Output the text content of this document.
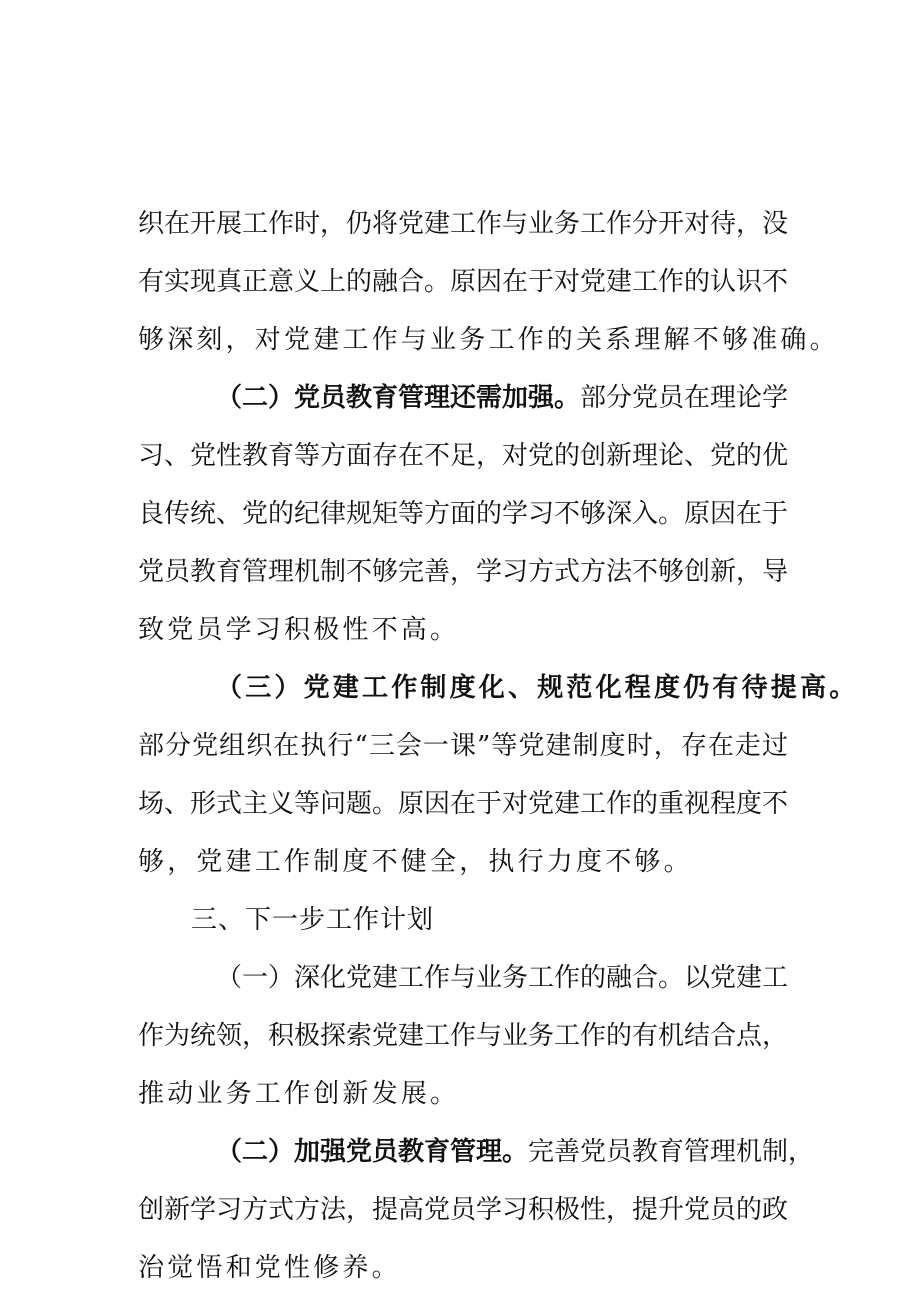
织在开展工作时，仍将党建工作与业务工作分开对待，没
有实现真正意义上的融合。原因在于对党建工作的认识不
够深刻，对党建工作与业务工作的关系理解不够准确。
（二）党员教育管理还需加强。部分党员在理论学
习、党性教育等方面存在不足，对党的创新理论、党的优
良传统、党的纪律规矩等方面的学习不够深入。原因在于
党员教育管理机制不够完善，学习方式方法不够创新，导
致党员学习积极性不高。
（三）党建工作制度化、规范化程度仍有待提高。
部分党组织在执行“三会一课”等党建制度时，存在走过
场、形式主义等问题。原因在于对党建工作的重视程度不
够，党建工作制度不健全，执行力度不够。
三、下一步工作计划
（一）深化党建工作与业务工作的融合。以党建工
作为统领，积极探索党建工作与业务工作的有机结合点，
推动业务工作创新发展。
（二）加强党员教育管理。完善党员教育管理机制，
创新学习方式方法，提高党员学习积极性，提升党员的政
治觉悟和党性修养。
